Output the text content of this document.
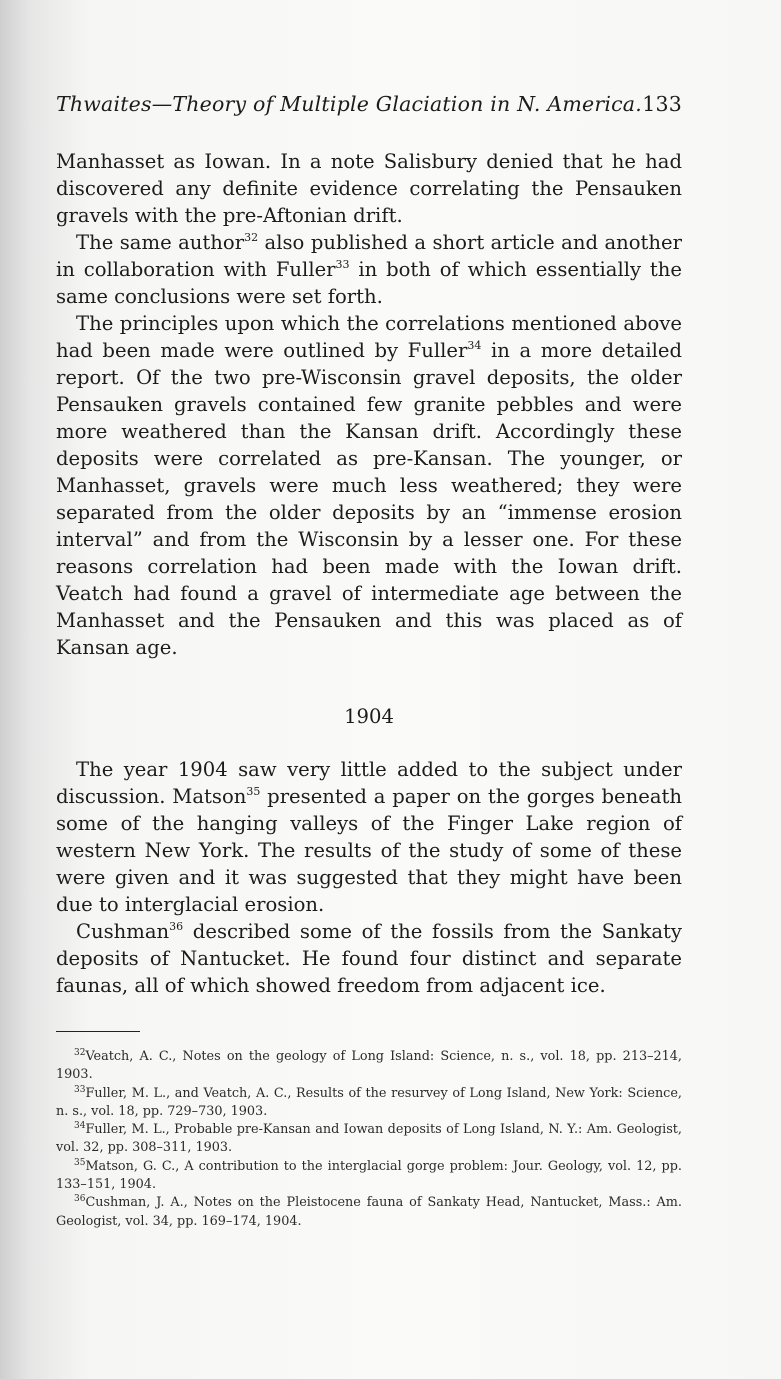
Thwaites—Theory of Multiple Glaciation in N. America. 133

Manhasset as Iowan. In a note Salisbury denied that he had discovered any definite evidence correlating the Pensauken gravels with the pre-Aftonian drift.

The same author$^{32}$ also published a short article and another in collaboration with Fuller$^{33}$ in both of which essentially the same conclusions were set forth.

The principles upon which the correlations mentioned above had been made were outlined by Fuller$^{34}$ in a more detailed report. Of the two pre-Wisconsin gravel deposits, the older Pensauken gravels contained few granite pebbles and were more weathered than the Kansan drift. Accordingly these deposits were correlated as pre-Kansan. The younger, or Manhasset, gravels were much less weathered; they were separated from the older deposits by an “immense erosion interval” and from the Wisconsin by a lesser one. For these reasons correlation had been made with the Iowan drift. Veatch had found a gravel of intermediate age between the Manhasset and the Pensauken and this was placed as of Kansan age.

1904

The year 1904 saw very little added to the subject under discussion. Matson$^{35}$ presented a paper on the gorges beneath some of the hanging valleys of the Finger Lake region of western New York. The results of the study of some of these were given and it was suggested that they might have been due to interglacial erosion.

Cushman$^{36}$ described some of the fossils from the Sankaty deposits of Nantucket. He found four distinct and separate faunas, all of which showed freedom from adjacent ice.

$^{32}$Veatch, A. C., Notes on the geology of Long Island: Science, n. s., vol. 18, pp. 213–214, 1903.

$^{33}$Fuller, M. L., and Veatch, A. C., Results of the resurvey of Long Island, New York: Science, n. s., vol. 18, pp. 729–730, 1903.

$^{34}$Fuller, M. L., Probable pre-Kansan and Iowan deposits of Long Island, N. Y.: Am. Geologist, vol. 32, pp. 308–311, 1903.

$^{35}$Matson, G. C., A contribution to the interglacial gorge problem: Jour. Geology, vol. 12, pp. 133–151, 1904.

$^{36}$Cushman, J. A., Notes on the Pleistocene fauna of Sankaty Head, Nantucket, Mass.: Am. Geologist, vol. 34, pp. 169–174, 1904.
